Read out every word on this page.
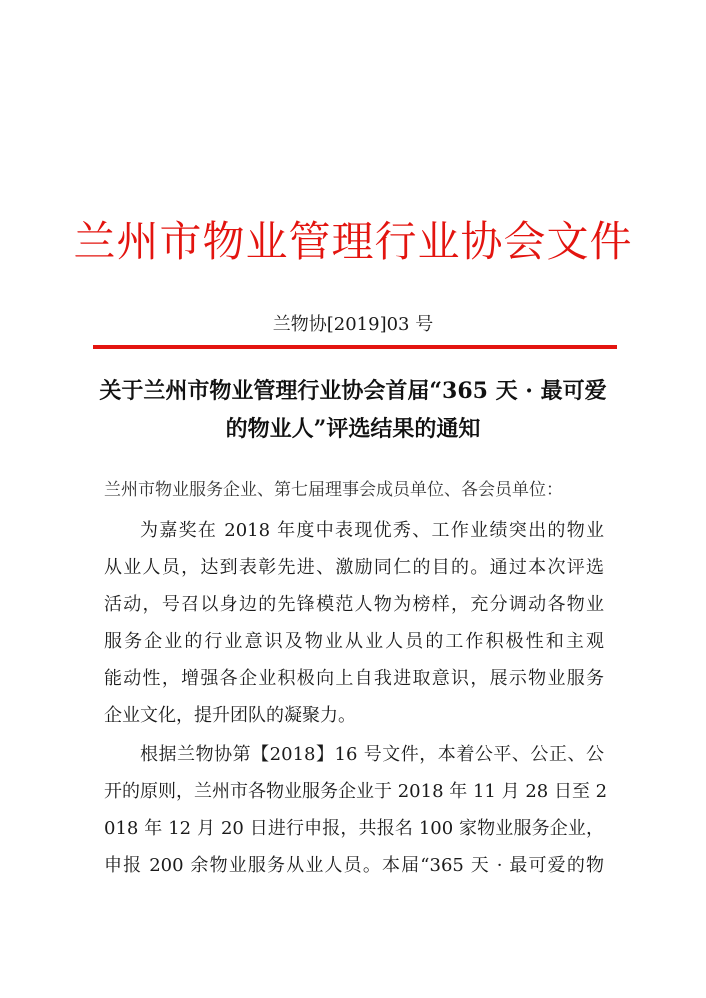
兰州市物业管理行业协会文件
兰物协[2019]03 号
关于兰州市物业管理行业协会首届“365 天 · 最可爱
的物业人”评选结果的通知
兰州市物业服务企业、第七届理事会成员单位、各会员单位：
为嘉奖在 2018 年度中表现优秀、工作业绩突出的物业
从业人员，达到表彰先进、激励同仁的目的。通过本次评选
活动，号召以身边的先锋模范人物为榜样，充分调动各物业
服务企业的行业意识及物业从业人员的工作积极性和主观
能动性，增强各企业积极向上自我进取意识，展示物业服务
企业文化，提升团队的凝聚力。
根据兰物协第【2018】16 号文件，本着公平、公正、公
开的原则，兰州市各物业服务企业于 2018 年 11 月 28 日至 2
018 年 12 月 20 日进行申报，共报名 100 家物业服务企业，
申报 200 余物业服务从业人员。本届“365 天 · 最可爱的物
